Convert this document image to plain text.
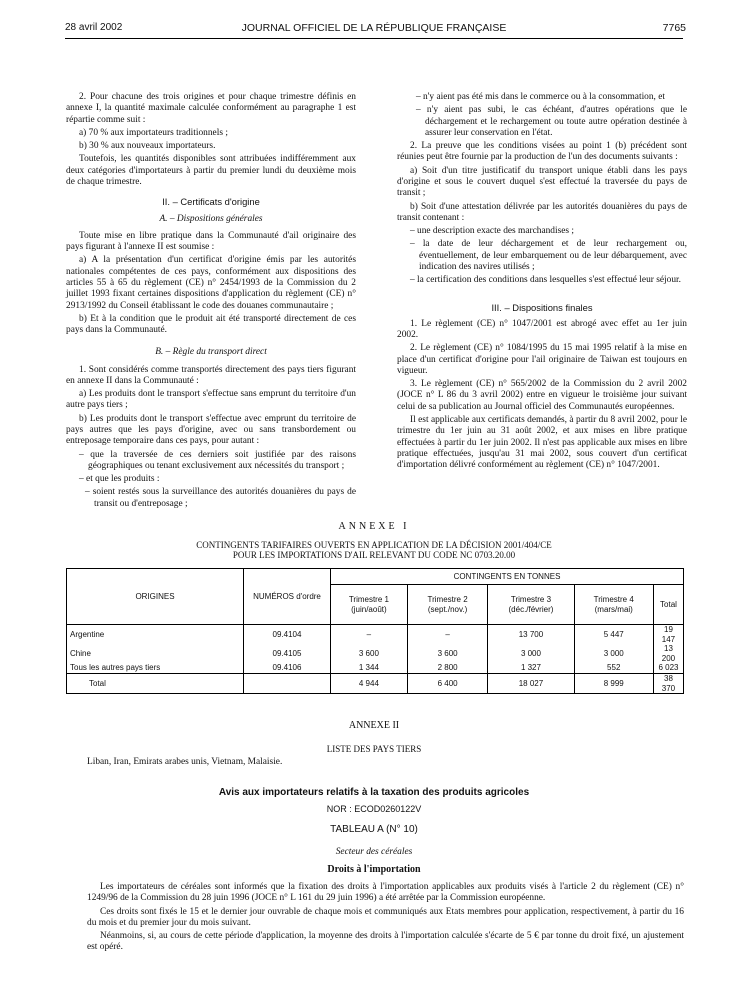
28 avril 2002	JOURNAL OFFICIEL DE LA RÉPUBLIQUE FRANÇAISE	7765

2. Pour chacune des trois origines et pour chaque trimestre définis en annexe I, la quantité maximale calculée conformément au paragraphe 1 est répartie comme suit :

a) 70 % aux importateurs traditionnels ;

b) 30 % aux nouveaux importateurs.

Toutefois, les quantités disponibles sont attribuées indifféremment aux deux catégories d'importateurs à partir du premier lundi du deuxième mois de chaque trimestre.

II. – Certificats d'origine

A. – Dispositions générales

Toute mise en libre pratique dans la Communauté d'ail originaire des pays figurant à l'annexe II est soumise :

a) A la présentation d'un certificat d'origine émis par les autorités nationales compétentes de ces pays, conformément aux dispositions des articles 55 à 65 du règlement (CE) n° 2454/1993 de la Commission du 2 juillet 1993 fixant certaines dispositions d'application du règlement (CE) n° 2913/1992 du Conseil établissant le code des douanes communautaire ;

b) Et à la condition que le produit ait été transporté directement de ces pays dans la Communauté.

B. – Règle du transport direct

1. Sont considérés comme transportés directement des pays tiers figurant en annexe II dans la Communauté :

a) Les produits dont le transport s'effectue sans emprunt du territoire d'un autre pays tiers ;

b) Les produits dont le transport s'effectue avec emprunt du territoire de pays autres que les pays d'origine, avec ou sans transbordement ou entreposage temporaire dans ces pays, pour autant :

– que la traversée de ces derniers soit justifiée par des raisons géographiques ou tenant exclusivement aux nécessités du transport ;

– et que les produits :

– soient restés sous la surveillance des autorités douanières du pays de transit ou d'entreposage ;

– n'y aient pas été mis dans le commerce ou à la consommation, et

– n'y aient pas subi, le cas échéant, d'autres opérations que le déchargement et le rechargement ou toute autre opération destinée à assurer leur conservation en l'état.

2. La preuve que les conditions visées au point 1 (b) précédent sont réunies peut être fournie par la production de l'un des documents suivants :

a) Soit d'un titre justificatif du transport unique établi dans les pays d'origine et sous le couvert duquel s'est effectué la traversée du pays de transit ;

b) Soit d'une attestation délivrée par les autorités douanières du pays de transit contenant :

– une description exacte des marchandises ;

– la date de leur déchargement et de leur rechargement ou, éventuellement, de leur embarquement ou de leur débarquement, avec indication des navires utilisés ;

– la certification des conditions dans lesquelles s'est effectué leur séjour.

III. – Dispositions finales

1. Le règlement (CE) n° 1047/2001 est abrogé avec effet au 1er juin 2002.

2. Le règlement (CE) n° 1084/1995 du 15 mai 1995 relatif à la mise en place d'un certificat d'origine pour l'ail originaire de Taiwan est toujours en vigueur.

3. Le règlement (CE) n° 565/2002 de la Commission du 2 avril 2002 (JOCE n° L 86 du 3 avril 2002) entre en vigueur le troisième jour suivant celui de sa publication au Journal officiel des Communautés européennes.

Il est applicable aux certificats demandés, à partir du 8 avril 2002, pour le trimestre du 1er juin au 31 août 2002, et aux mises en libre pratique effectuées à partir du 1er juin 2002. Il n'est pas applicable aux mises en libre pratique effectuées, jusqu'au 31 mai 2002, sous couvert d'un certificat d'importation délivré conformément au règlement (CE) n° 1047/2001.

ANNEXE I
CONTINGENTS TARIFAIRES OUVERTS EN APPLICATION DE LA DÉCISION 2001/404/CE
POUR LES IMPORTATIONS D'AIL RELEVANT DU CODE NC 0703.20.00
ORIGINES	NUMÉROS d'ordre	CONTINGENTS EN TONNES				
		Trimestre 1 (juin/août)	Trimestre 2 (sept./nov.)	Trimestre 3 (déc./février)	Trimestre 4 (mars/mai)	Total
Argentine	09.4104	–	–	13 700	5 447	19 147
Chine	09.4105	3 600	3 600	3 000	3 000	13 200
Tous les autres pays tiers	09.4106	1 344	2 800	1 327	552	6 023
Total		4 944	6 400	18 027	8 999	38 370
ANNEXE II
LISTE DES PAYS TIERS
Liban, Iran, Emirats arabes unis, Vietnam, Malaisie.
Avis aux importateurs relatifs à la taxation des produits agricoles
NOR : ECOD0260122V
TABLEAU A (N° 10)
Secteur des céréales
Droits à l'importation

Les importateurs de céréales sont informés que la fixation des droits à l'importation applicables aux produits visés à l'article 2 du règlement (CE) n° 1249/96 de la Commission du 28 juin 1996 (JOCE n° L 161 du 29 juin 1996) a été arrêtée par la Commission européenne.

Ces droits sont fixés le 15 et le dernier jour ouvrable de chaque mois et communiqués aux Etats membres pour application, respectivement, à partir du 16 du mois et du premier jour du mois suivant.

Néanmoins, si, au cours de cette période d'application, la moyenne des droits à l'importation calculée s'écarte de 5 € par tonne du droit fixé, un ajustement est opéré.
